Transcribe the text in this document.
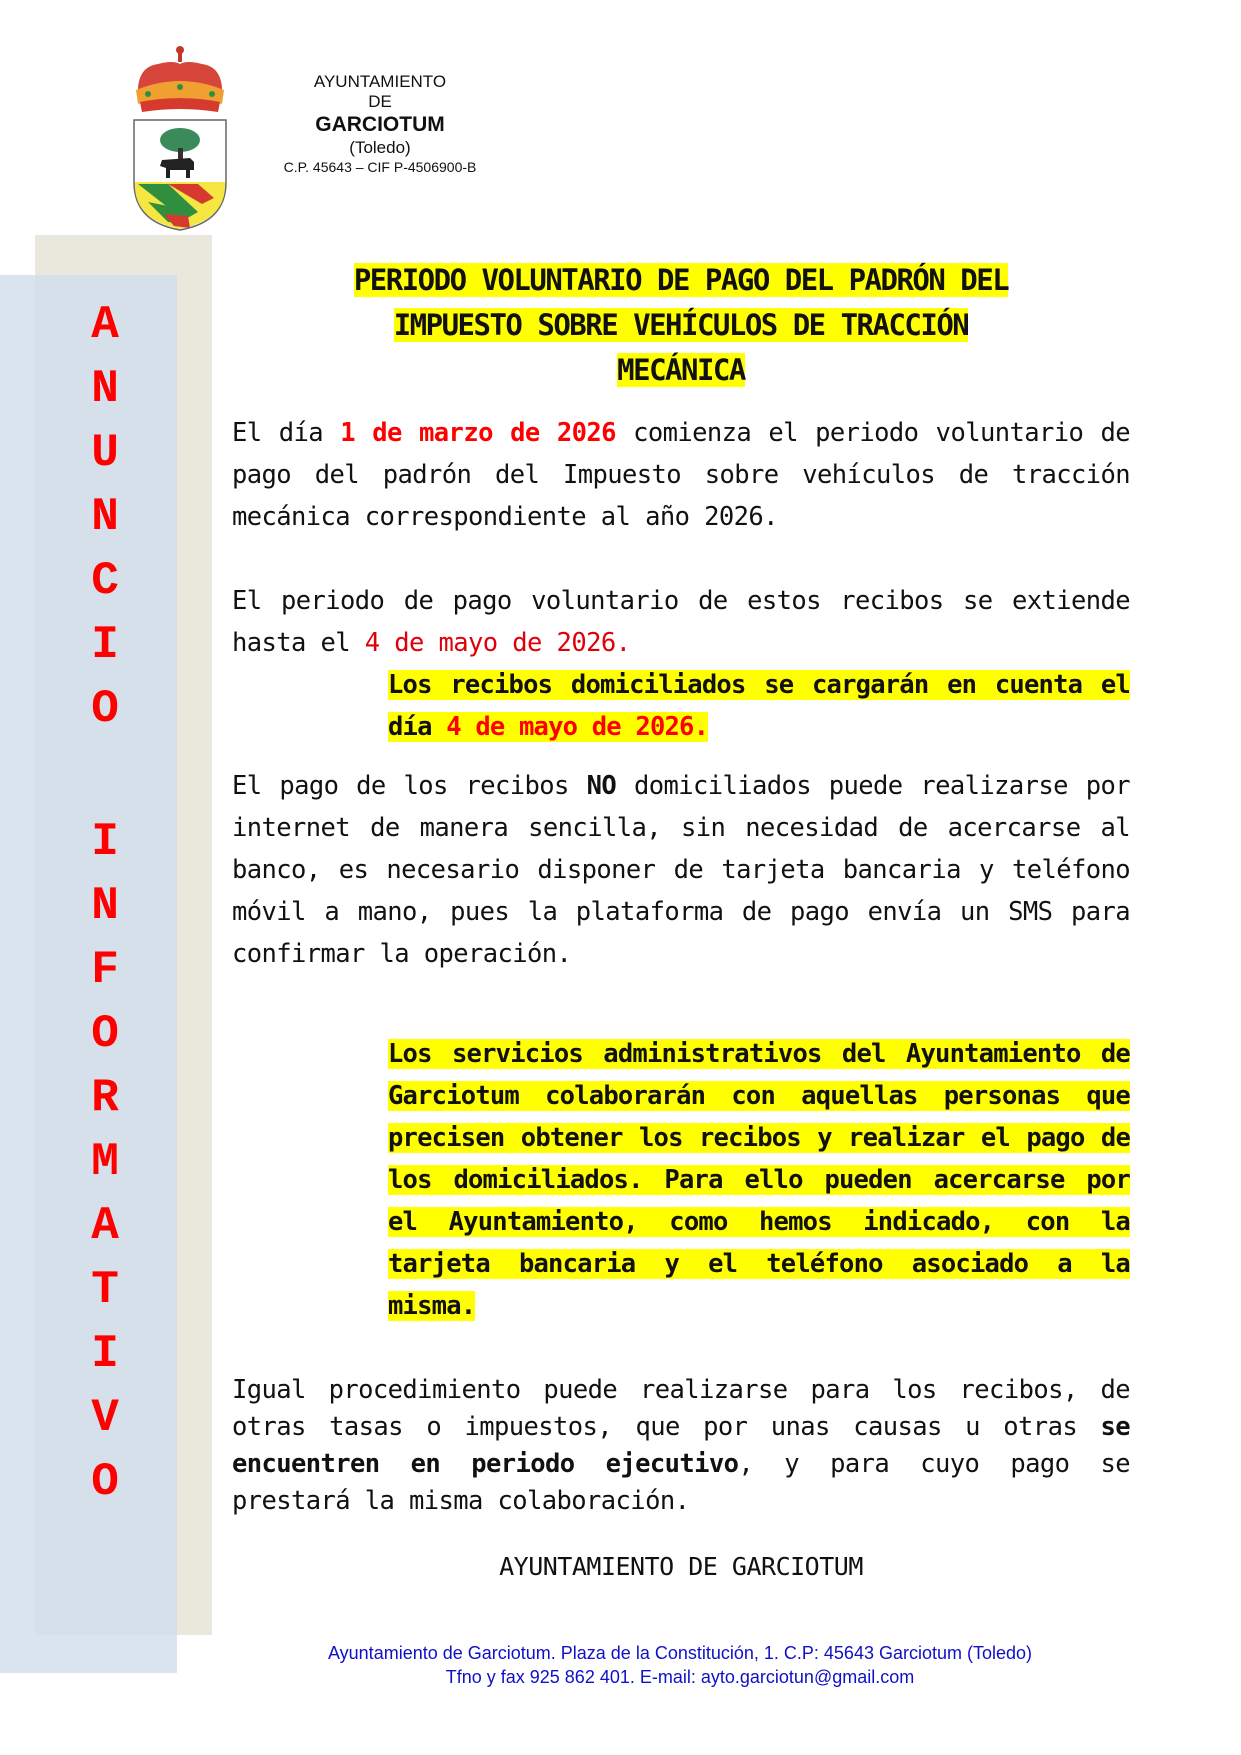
A
N
U
N
C
I
O
I
N
F
O
R
M
A
T
I
V
O
AYUNTAMIENTO
DE
GARCIOTUM
(Toledo)
C.P. 45643 – CIF P-4506900-B
PERIODO VOLUNTARIO DE PAGO DEL PADRÓN DEL
IMPUESTO SOBRE VEHÍCULOS DE TRACCIÓN
MECÁNICA

El día 1 de marzo de 2026 comienza el periodo voluntario de pago del padrón del Impuesto sobre vehículos de tracción mecánica correspondiente al año 2026.

El periodo de pago voluntario de estos recibos se extiende hasta el 4 de mayo de 2026.

Los recibos domiciliados se cargarán en cuenta el día 4 de mayo de 2026.

El pago de los recibos NO domiciliados puede realizarse por internet de manera sencilla, sin necesidad de acercarse al banco, es necesario disponer de tarjeta bancaria y teléfono móvil a mano, pues la plataforma de pago envía un SMS para confirmar la operación.

Los servicios administrativos del Ayuntamiento de Garciotum colaborarán con aquellas personas que precisen obtener los recibos y realizar el pago de los domiciliados. Para ello pueden acercarse por el Ayuntamiento, como hemos indicado, con la tarjeta bancaria y el teléfono asociado a la misma.

Igual procedimiento puede realizarse para los recibos, de otras tasas o impuestos, que por unas causas u otras se encuentren en periodo ejecutivo, y para cuyo pago se prestará la misma colaboración.

AYUNTAMIENTO DE GARCIOTUM
Ayuntamiento de Garciotum. Plaza de la Constitución, 1. C.P: 45643 Garciotum (Toledo)
Tfno y fax 925 862 401. E-mail: ayto.garciotun@gmail.com
